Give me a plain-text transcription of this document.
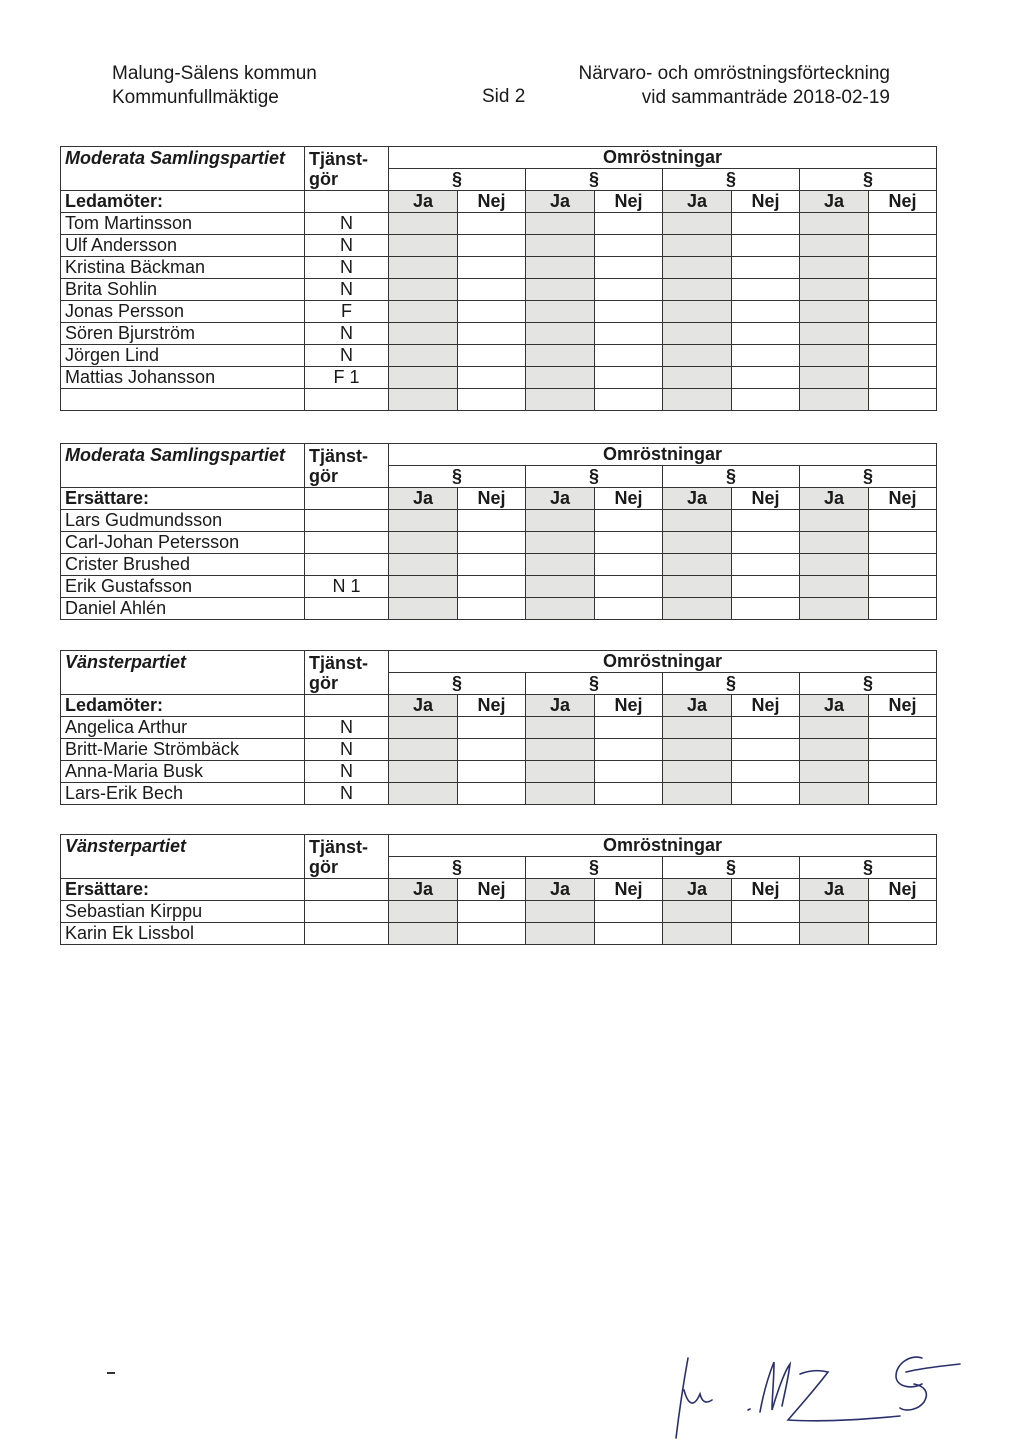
Malung-Sälens kommun
Kommunfullmäktige	Sid 2
Närvaro- och omröstningsförteckning
vid sammanträde 2018-02-19
Moderata Samlingspartiet	Tjänst-
gör	Omröstningar							
		§		§		§		§	
Ledamöter:		Ja	Nej	Ja	Nej	Ja	Nej	Ja	Nej
Tom Martinsson	N								
Ulf Andersson	N								
Kristina Bäckman	N								
Brita Sohlin	N								
Jonas Persson	F								
Sören Bjurström	N								
Jörgen Lind	N								
Mattias Johansson	F 1								

Moderata Samlingspartiet	Tjänst-
gör	Omröstningar							
		§		§		§		§	
Ersättare:		Ja	Nej	Ja	Nej	Ja	Nej	Ja	Nej
Lars Gudmundsson									
Carl-Johan Petersson									
Crister Brushed									
Erik Gustafsson	N 1								
Daniel Ahlén									
Vänsterpartiet	Tjänst-
gör	Omröstningar							
		§		§		§		§	
Ledamöter:		Ja	Nej	Ja	Nej	Ja	Nej	Ja	Nej
Angelica Arthur	N								
Britt-Marie Strömbäck	N								
Anna-Maria Busk	N								
Lars-Erik Bech	N								
Vänsterpartiet	Tjänst-
gör	Omröstningar							
		§		§		§		§	
Ersättare:		Ja	Nej	Ja	Nej	Ja	Nej	Ja	Nej
Sebastian Kirppu									
Karin Ek Lissbol									
